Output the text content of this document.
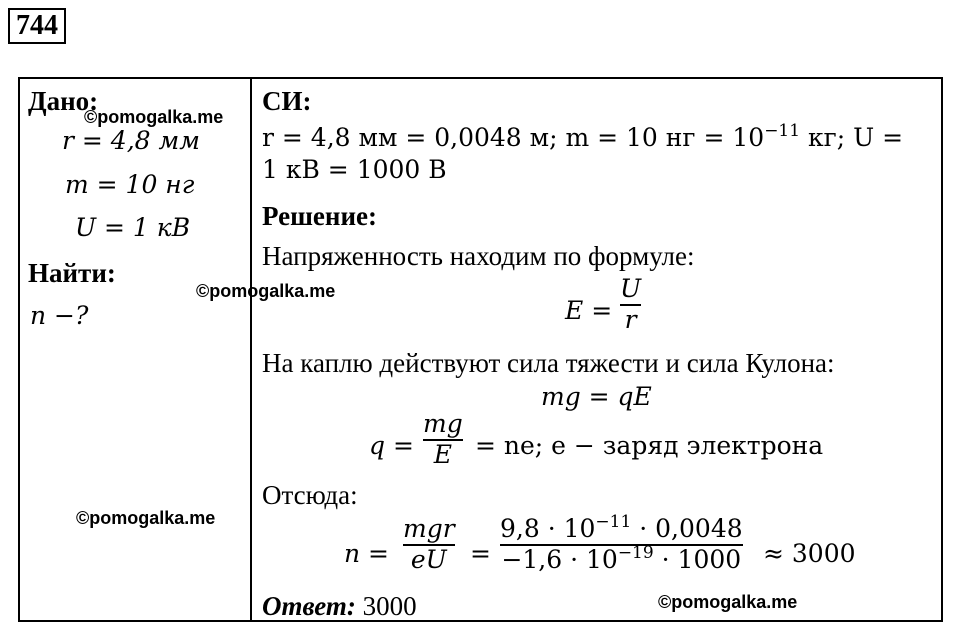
744
Дано:
r = 4,8 мм
m = 10 нг
U = 1 кВ
Найти:
n −?
СИ:
r = 4,8 мм = 0,0048 м; m = 10 нг = $10^{-11}$ кг; U =
1 кВ = 1000 В
Решение:
Напряженность находим по формуле:
E =
U
r
На каплю действуют сила тяжести и сила Кулона:
mg = qE
q =
mg
E = ne; e − заряд электрона
Отсюда:
n =
mgr
eU =
$9,8 \cdot 10^{-11} \cdot 0,0048$
$-1,6 \cdot 10^{-19} \cdot 1000 \approx 3000$
Ответ: 3000
©pomogalka.me
©pomogalka.me
©pomogalka.me
©pomogalka.me
